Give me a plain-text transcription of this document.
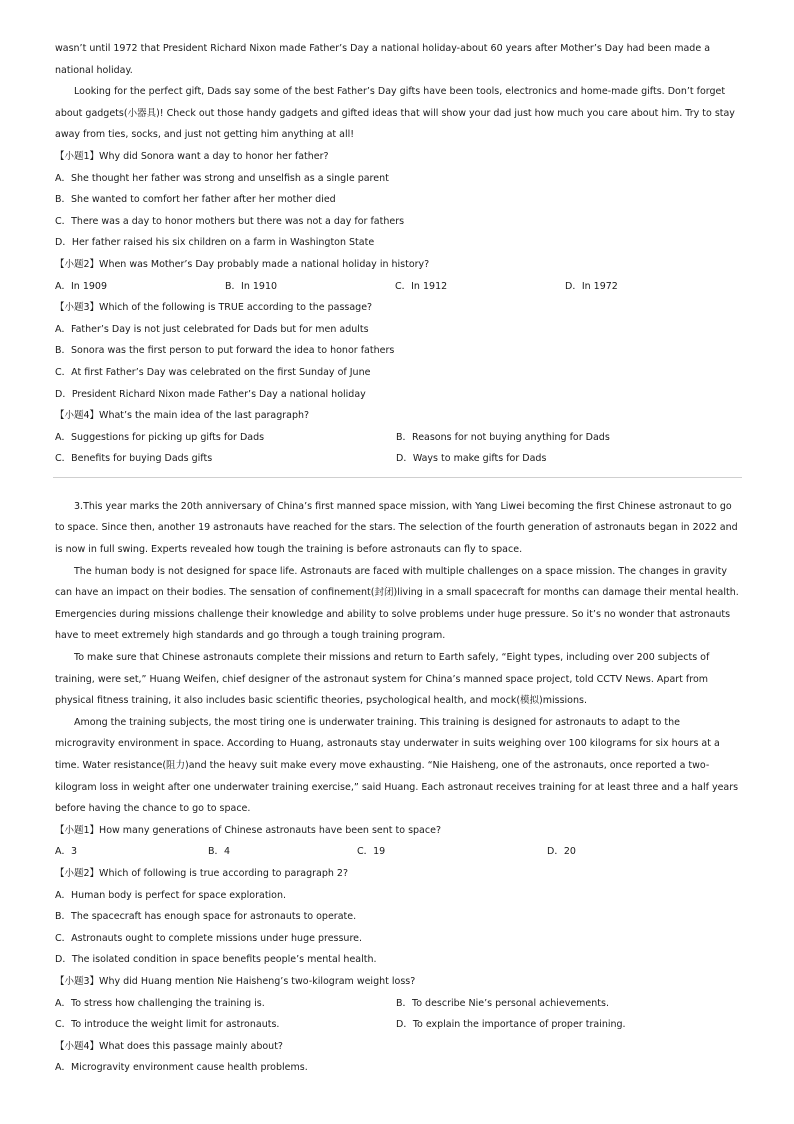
wasn’t until 1972 that President Richard Nixon made Father’s Day a national holiday-about 60 years after Mother’s Day had been made a national holiday.

Looking for the perfect gift, Dads say some of the best Father’s Day gifts have been tools, electronics and home-made gifts. Don’t forget about gadgets(小器具)! Check out those handy gadgets and gifted ideas that will show your dad just how much you care about him. Try to stay away from ties, socks, and just not getting him anything at all!

【小题1】Why did Sonora want a day to honor her father?

A．She thought her father was strong and unselfish as a single parent

B．She wanted to comfort her father after her mother died

C．There was a day to honor mothers but there was not a day for fathers

D．Her father raised his six children on a farm in Washington State

【小题2】When was Mother’s Day probably made a national holiday in history?

A．In 1909	B．In 1910	C．In 1912	D．In 1972

【小题3】Which of the following is TRUE according to the passage?

A．Father’s Day is not just celebrated for Dads but for men adults

B．Sonora was the first person to put forward the idea to honor fathers

C．At first Father’s Day was celebrated on the first Sunday of June

D．President Richard Nixon made Father’s Day a national holiday

【小题4】What’s the main idea of the last paragraph?

A．Suggestions for picking up gifts for Dads	B．Reasons for not buying anything for Dads

C．Benefits for buying Dads gifts	D．Ways to make gifts for Dads

3.This year marks the 20th anniversary of China’s first manned space mission, with Yang Liwei becoming the first Chinese astronaut to go to space. Since then, another 19 astronauts have reached for the stars. The selection of the fourth generation of astronauts began in 2022 and is now in full swing. Experts revealed how tough the training is before astronauts can fly to space.

The human body is not designed for space life. Astronauts are faced with multiple challenges on a space mission. The changes in gravity can have an impact on their bodies. The sensation of confinement(封闭)living in a small spacecraft for months can damage their mental health. Emergencies during missions challenge their knowledge and ability to solve problems under huge pressure. So it’s no wonder that astronauts have to meet extremely high standards and go through a tough training program.

To make sure that Chinese astronauts complete their missions and return to Earth safely, “Eight types, including over 200 subjects of training, were set,” Huang Weifen, chief designer of the astronaut system for China’s manned space project, told CCTV News. Apart from physical fitness training, it also includes basic scientific theories, psychological health, and mock(模拟)missions.

Among the training subjects, the most tiring one is underwater training. This training is designed for astronauts to adapt to the microgravity environment in space. According to Huang, astronauts stay underwater in suits weighing over 100 kilograms for six hours at a time. Water resistance(阻力)and the heavy suit make every move exhausting. “Nie Haisheng, one of the astronauts, once reported a two-kilogram loss in weight after one underwater training exercise,” said Huang. Each astronaut receives training for at least three and a half years before having the chance to go to space.

【小题1】How many generations of Chinese astronauts have been sent to space?

A．3	B．4	C．19	D．20

【小题2】Which of following is true according to paragraph 2?

A．Human body is perfect for space exploration.

B．The spacecraft has enough space for astronauts to operate.

C．Astronauts ought to complete missions under huge pressure.

D．The isolated condition in space benefits people’s mental health.

【小题3】Why did Huang mention Nie Haisheng’s two-kilogram weight loss?

A．To stress how challenging the training is.	B．To describe Nie’s personal achievements.

C．To introduce the weight limit for astronauts.	D．To explain the importance of proper training.

【小题4】What does this passage mainly about?

A．Microgravity environment cause health problems.
